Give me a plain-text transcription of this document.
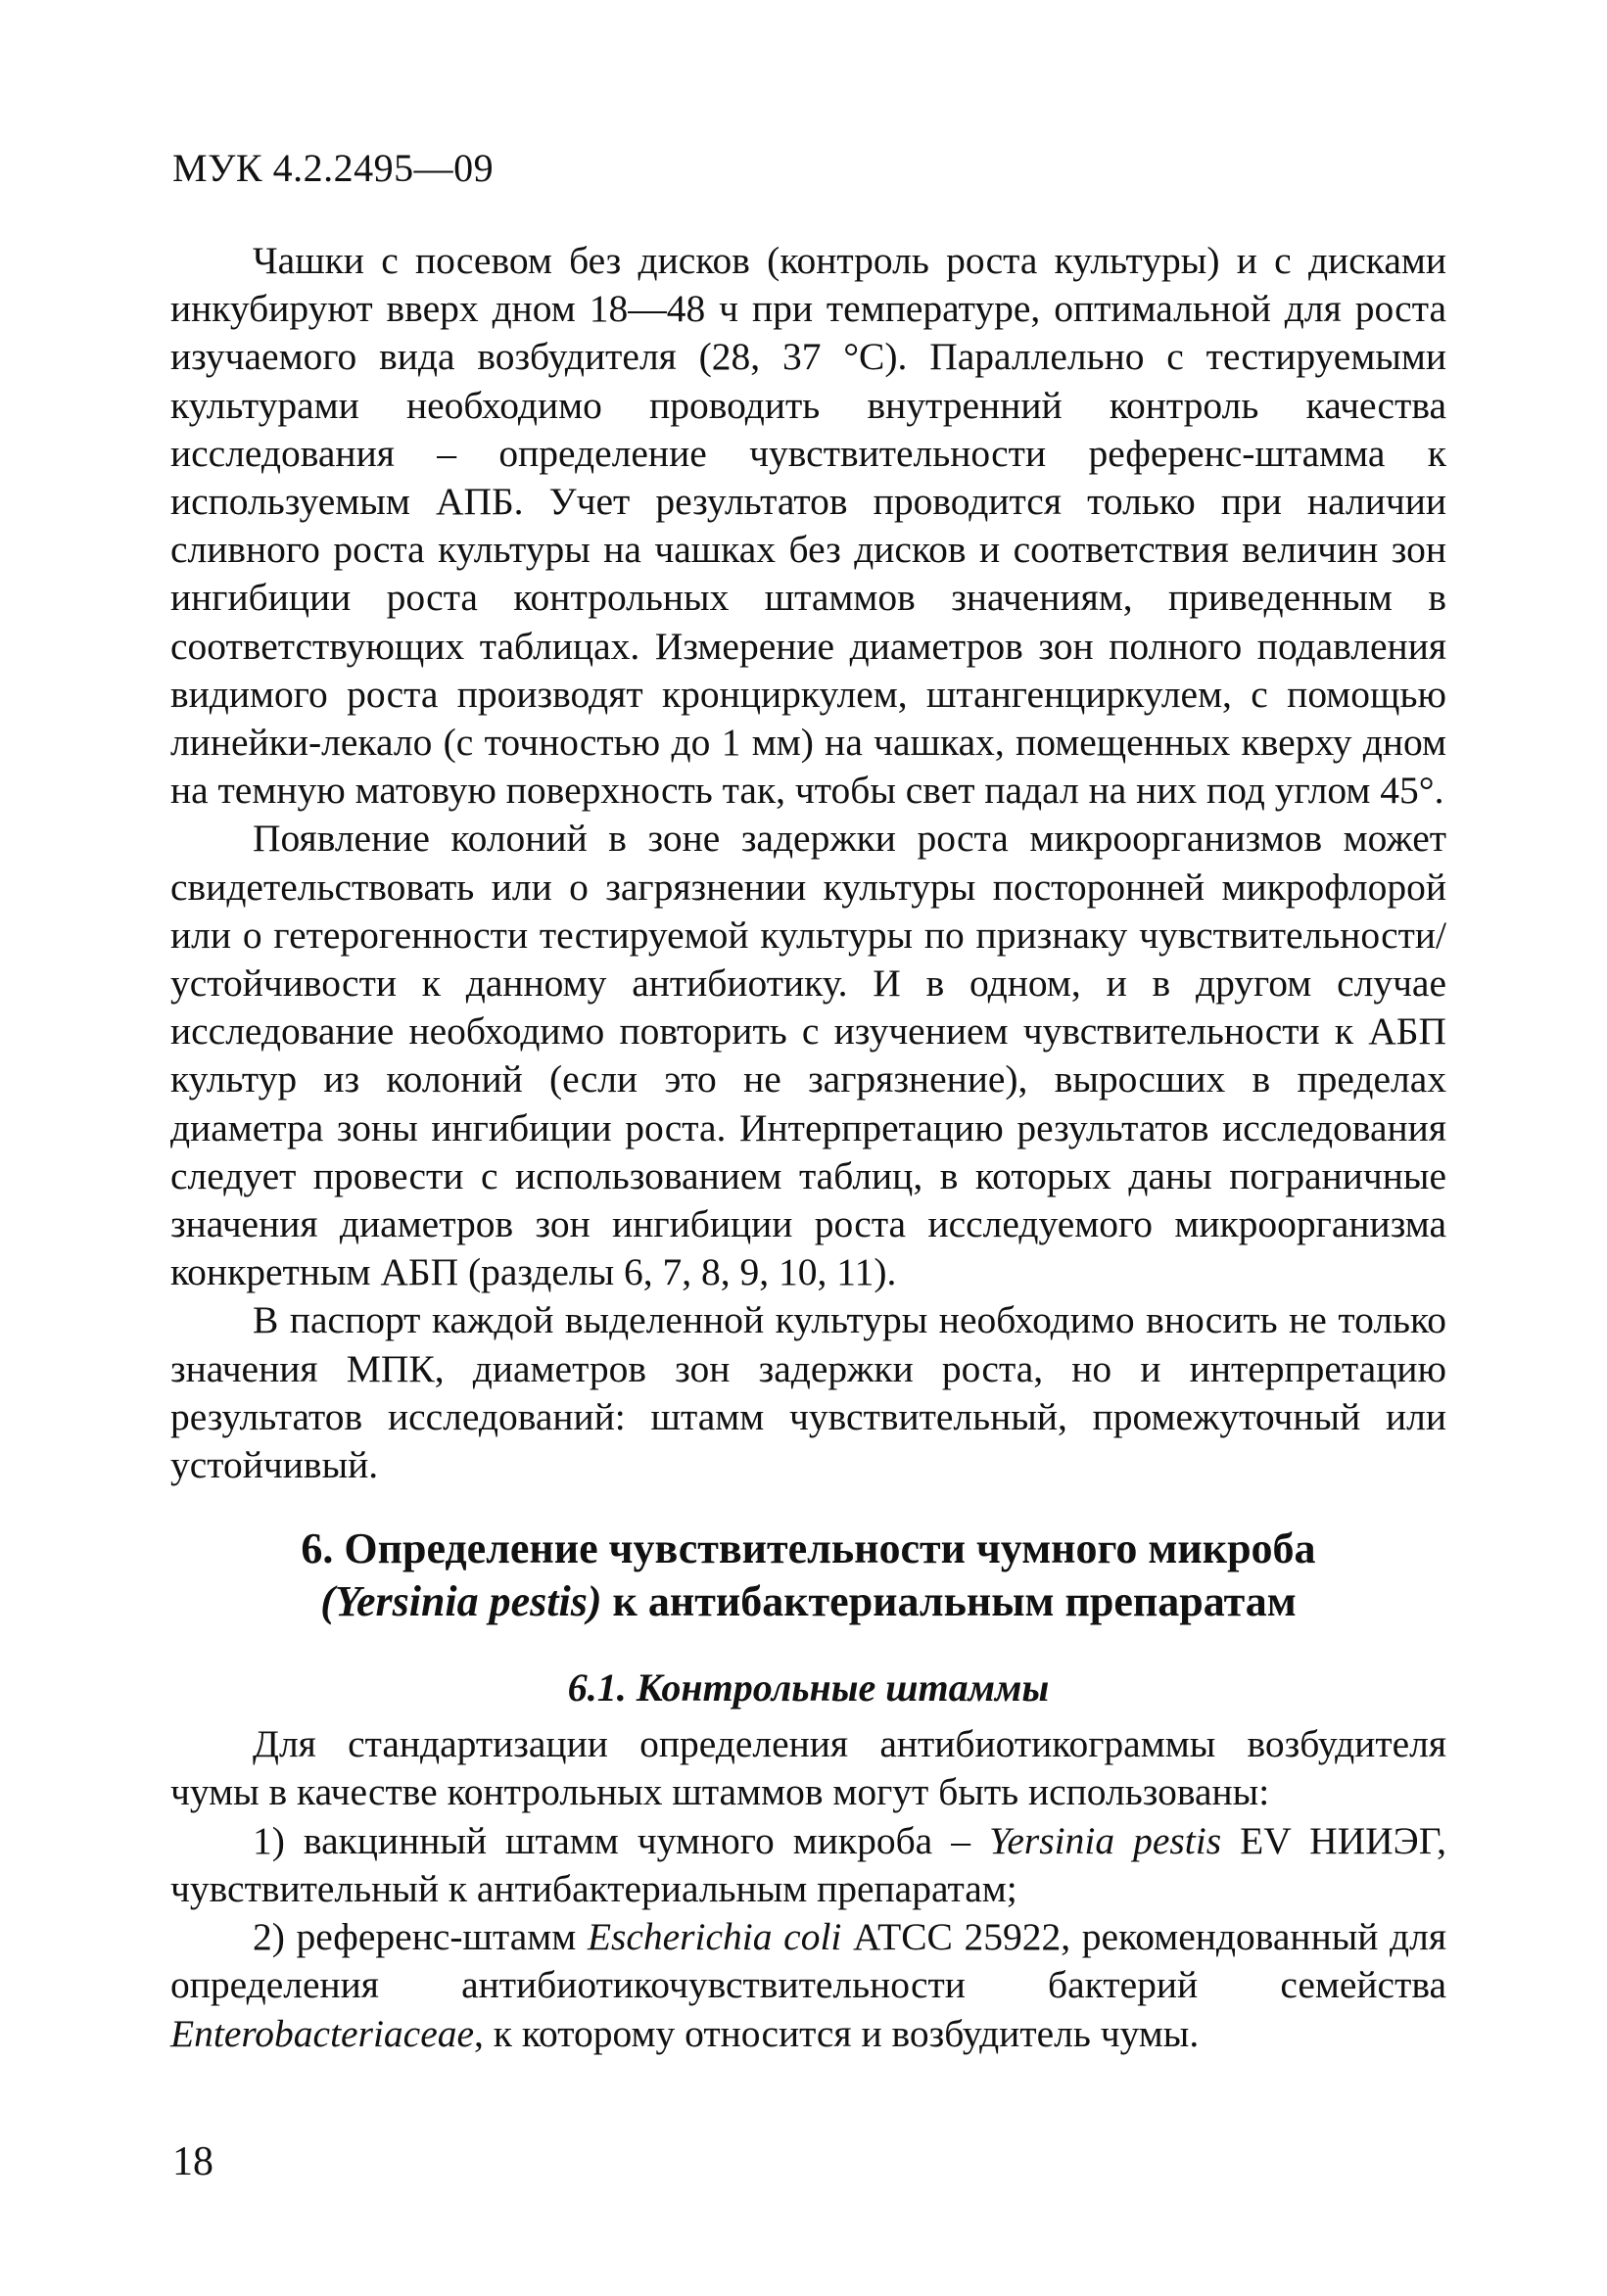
МУК 4.2.2495—09

Чашки с посевом без дисков (контроль роста культуры) и с дисками инкубируют вверх дном 18—48 ч при температуре, оптимальной для роста изучаемого вида возбудителя (28, 37 °С). Параллельно с тестируемыми культурами необходимо проводить внутренний контроль качества исследования – определение чувствительности референс-штамма к используемым АПБ. Учет результатов проводится только при наличии сливного роста культуры на чашках без дисков и соответствия величин зон ингибиции роста контрольных штаммов значениям, приведенным в соответствующих таблицах. Измерение диаметров зон полного подавления видимого роста производят кронциркулем, штангенциркулем, с помощью линейки-лекало (с точностью до 1 мм) на чашках, помещенных кверху дном на темную матовую поверхность так, чтобы свет падал на них под углом 45°.

Появление колоний в зоне задержки роста микроорганизмов может свидетельствовать или о загрязнении культуры посторонней микрофлорой или о гетерогенности тестируемой культуры по признаку чувствительности/устойчивости к данному антибиотику. И в одном, и в другом случае исследование необходимо повторить с изучением чувствительности к АБП культур из колоний (если это не загрязнение), выросших в пределах диаметра зоны ингибиции роста. Интерпретацию результатов исследования следует провести с использованием таблиц, в которых даны пограничные значения диаметров зон ингибиции роста исследуемого микроорганизма конкретным АБП (разделы 6, 7, 8, 9, 10, 11).

В паспорт каждой выделенной культуры необходимо вносить не только значения МПК, диаметров зон задержки роста, но и интерпретацию результатов исследований: штамм чувствительный, промежуточный или устойчивый.

6. Определение чувствительности чумного микроба
(Yersinia pestis) к антибактериальным препаратам
6.1. Контрольные штаммы

Для стандартизации определения антибиотикограммы возбудителя чумы в качестве контрольных штаммов могут быть использованы:

1) вакцинный штамм чумного микроба – Yersinia pestis EV НИИЭГ, чувствительный к антибактериальным препаратам;

2) референс-штамм Escherichia coli АТСС 25922, рекомендованный для определения антибиотикочувствительности бактерий семейства Enterobacteriaceae, к которому относится и возбудитель чумы.

18
